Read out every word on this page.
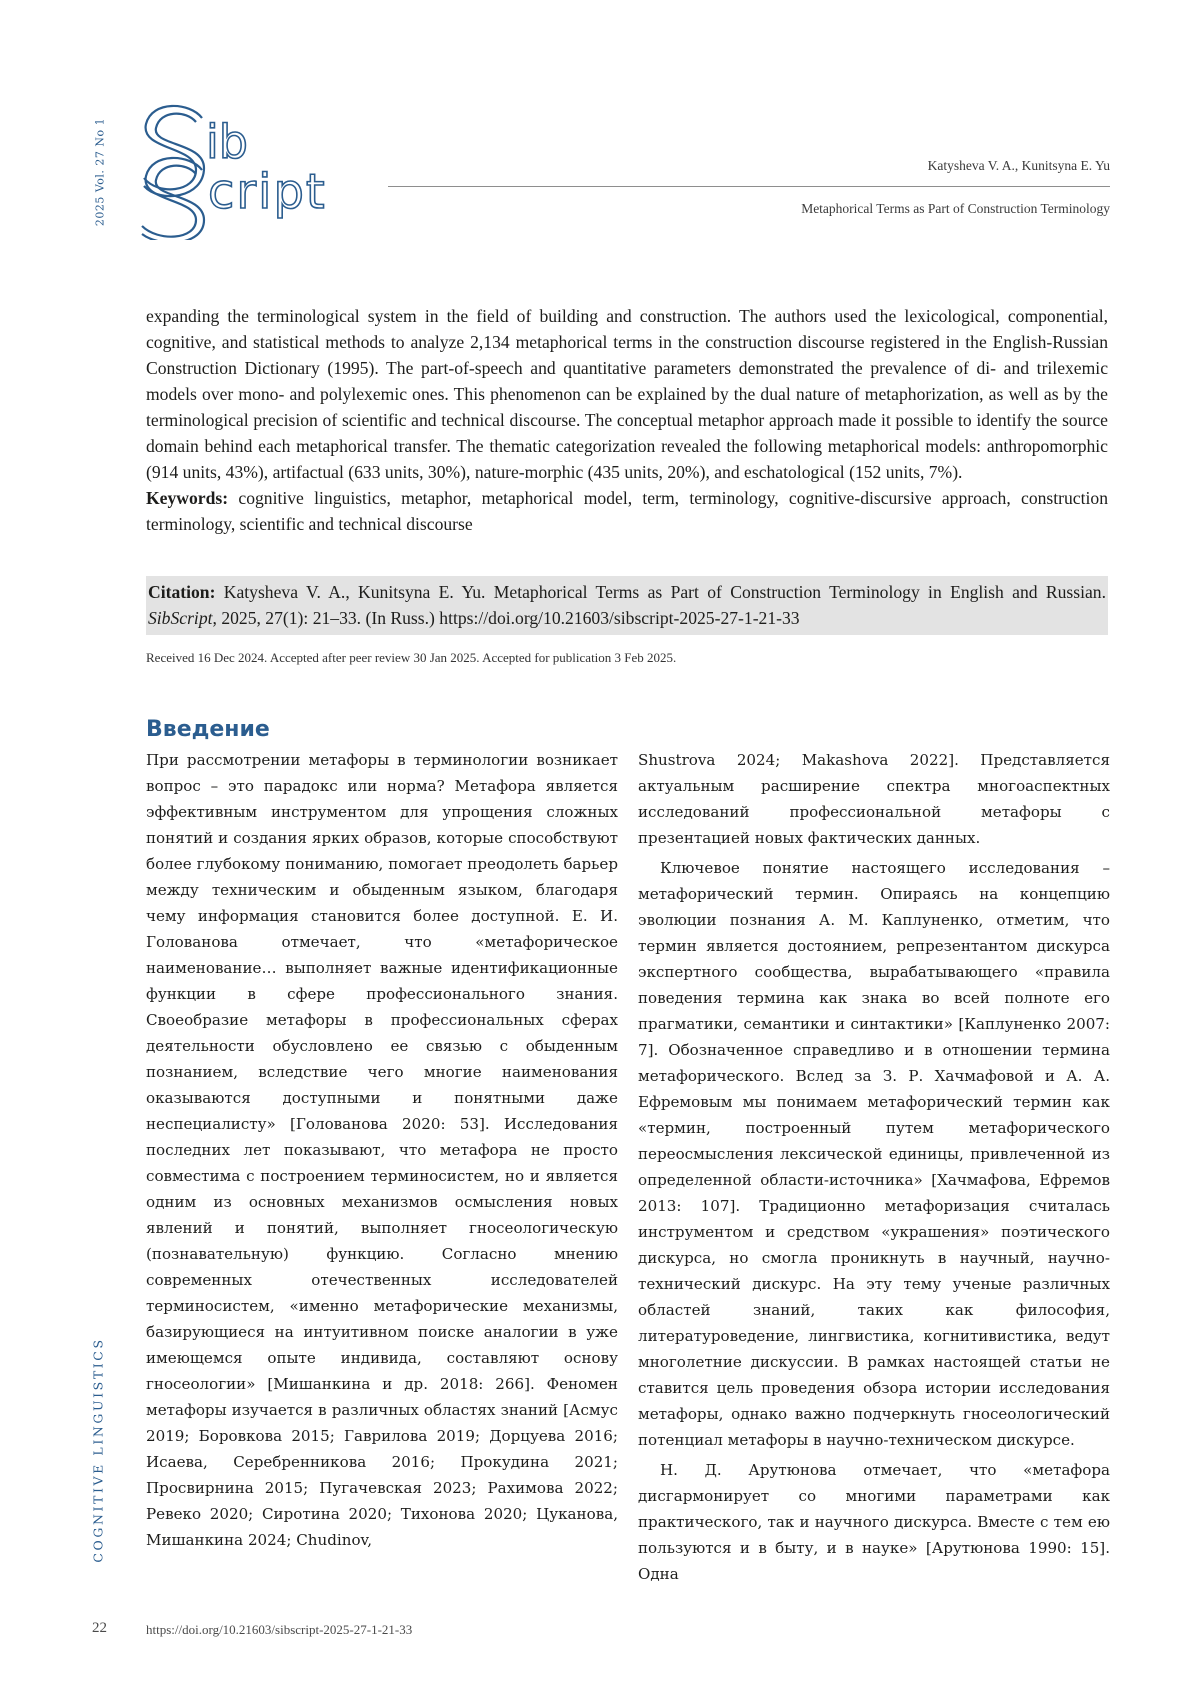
2025 Vol. 27 No 1 ib
cript	Katysheva V. A., Kunitsyna E. Yu
Metaphorical Terms as Part of Construction Terminology
expanding the terminological system in the field of building and construction. The authors used the lexicological, componential, cognitive, and statistical methods to analyze 2,134 metaphorical terms in the construction discourse registered in the English-Russian Construction Dictionary (1995). The part-of-speech and quantitative parameters demonstrated the prevalence of di- and trilexemic models over mono- and polylexemic ones. This phenomenon can be explained by the dual nature of metaphorization, as well as by the terminological precision of scientific and technical discourse. The conceptual metaphor approach made it possible to identify the source domain behind each metaphorical transfer. The thematic categorization revealed the following metaphorical models: anthropomorphic (914 units, 43%), artifactual (633 units, 30%), nature-morphic (435 units, 20%), and eschatological (152 units, 7%).
Keywords: cognitive linguistics, metaphor, metaphorical model, term, terminology, cognitive-discursive approach, construction terminology, scientific and technical discourse
Citation: Katysheva V. A., Kunitsyna E. Yu. Metaphorical Terms as Part of Construction Terminology in English and Russian. SibScript, 2025, 27(1): 21–33. (In Russ.) https://doi.org/10.21603/sibscript-2025-27-1-21-33
Received 16 Dec 2024. Accepted after peer review 30 Jan 2025. Accepted for publication 3 Feb 2025.
Введение

При рассмотрении метафоры в терминологии возникает вопрос – это парадокс или норма? Метафора является эффективным инструментом для упрощения сложных понятий и создания ярких образов, которые способствуют более глубокому пониманию, помогает преодолеть барьер между техническим и обыденным языком, благодаря чему информация становится более доступной. Е. И. Голованова отмечает, что «метафорическое наименование… выполняет важные идентификационные функции в сфере профессионального знания. Своеобразие метафоры в профессиональных сферах деятельности обусловлено ее связью с обыденным познанием, вследствие чего многие наименования оказываются доступными и понятными даже неспециалисту» [Голованова 2020: 53]. Исследования последних лет показывают, что метафора не просто совместима с построением терминосистем, но и является одним из основных механизмов осмысления новых явлений и понятий, выполняет гносеологическую (познавательную) функцию. Согласно мнению современных отечественных исследователей терминосистем, «именно метафорические механизмы, базирующиеся на интуитивном поиске аналогии в уже имеющемся опыте индивида, составляют основу гносеологии» [Мишанкина и др. 2018: 266]. Феномен метафоры изучается в различных областях знаний [Асмус 2019; Боровкова 2015; Гаврилова 2019; Дорцуева 2016; Исаева, Серебренникова 2016; Прокудина 2021; Просвирнина 2015; Пугачевская 2023; Рахимова 2022; Ревеко 2020; Сиротина 2020; Тихонова 2020; Цуканова, Мишанкина 2024; Chudinov,

Shustrova 2024; Makashova 2022]. Представляется актуальным расширение спектра многоаспектных исследований профессиональной метафоры с презентацией новых фактических данных.

Ключевое понятие настоящего исследования – метафорический термин. Опираясь на концепцию эволюции познания А. М. Каплуненко, отметим, что термин является достоянием, репрезентантом дискурса экспертного сообщества, вырабатывающего «правила поведения термина как знака во всей полноте его прагматики, семантики и синтактики» [Каплуненко 2007: 7]. Обозначенное справедливо и в отношении термина метафорического. Вслед за З. Р. Хачмафовой и А. А. Ефремовым мы понимаем метафорический термин как «термин, построенный путем метафорического переосмысления лексической единицы, привлеченной из определенной области-источника» [Хачмафова, Ефремов 2013: 107]. Традиционно метафоризация считалась инструментом и средством «украшения» поэтического дискурса, но смогла проникнуть в научный, научно-технический дискурс. На эту тему ученые различных областей знаний, таких как философия, литературоведение, лингвистика, когнитивистика, ведут многолетние дискуссии. В рамках настоящей статьи не ставится цель проведения обзора истории исследования метафоры, однако важно подчеркнуть гносеологический потенциал метафоры в научно-техническом дискурсе.

Н. Д. Арутюнова отмечает, что «метафора дисгармонирует со многими параметрами как практического, так и научного дискурса. Вместе с тем ею пользуются и в быту, и в науке» [Арутюнова 1990: 15]. Одна

COGNITIVE LINGUISTICS
22	https://doi.org/10.21603/sibscript-2025-27-1-21-33
